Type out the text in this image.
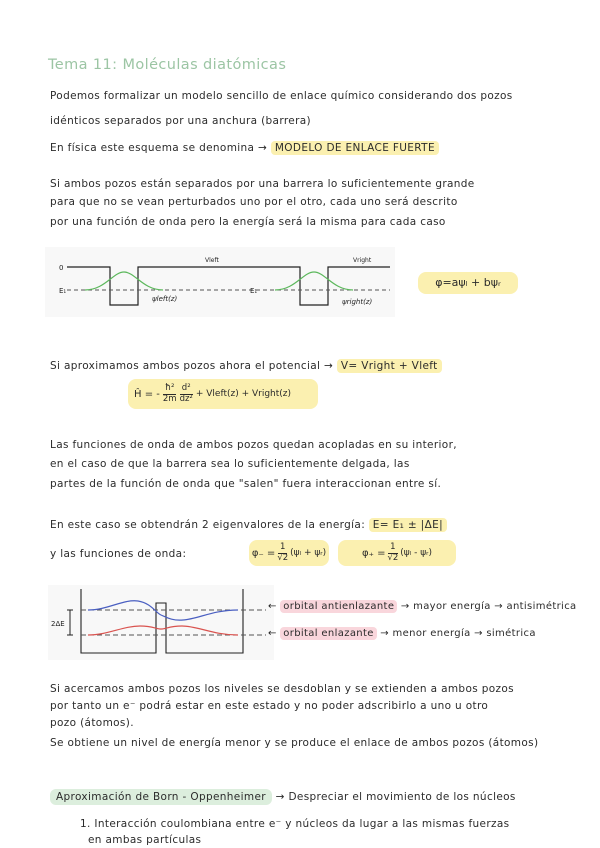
Tema 11: Moléculas diatómicas
Podemos formalizar un modelo sencillo de enlace químico considerando dos pozos
idénticos separados por una anchura (barrera)
En física este esquema se denomina → MODELO DE ENLACE FUERTE
Si ambos pozos están separados por una barrera lo suficientemente grande
para que no se vean perturbados uno por el otro, cada uno será descrito
por una función de onda pero la energía será la misma para cada caso
0
E₁	E₁
Vleft	Vright
ψleft(z)	ψright(z)
φ=aψₗ + bψᵣ
Si aproximamos ambos pozos ahora el potencial → V= Vright + Vleft
Ĥ = - $\frac{\text{ħ²}}{2m} \frac{\text{d²}}{\text{dz²}}$ + Vleft(z) + Vright(z)
Las funciones de onda de ambos pozos quedan acopladas en su interior,
en el caso de que la barrera sea lo suficientemente delgada, las
partes de la función de onda que "salen" fuera interaccionan entre sí.
En este caso se obtendrán 2 eigenvalores de la energía: E= E₁ ± |ΔE|
y las funciones de onda:	$\varphi_- = \frac{1}{√2} (\psi_l$ + ψᵣ)	$\varphi_+ = \frac{1}{√2} (\psi_l$ - ψᵣ)
2ΔE
← orbital antienlazante → mayor energía → antisimétrica
← orbital enlazante → menor energía → simétrica
Si acercamos ambos pozos los niveles se desdoblan y se extienden a ambos pozos
por tanto un e⁻ podrá estar en este estado y no poder adscribirlo a uno u otro
pozo (átomos).
Se obtiene un nivel de energía menor y se produce el enlace de ambos pozos (átomos)
Aproximación de Born - Oppenheimer → Despreciar el movimiento de los núcleos
1. Interacción coulombiana entre e⁻ y núcleos da lugar a las mismas fuerzas
en ambas partículas
